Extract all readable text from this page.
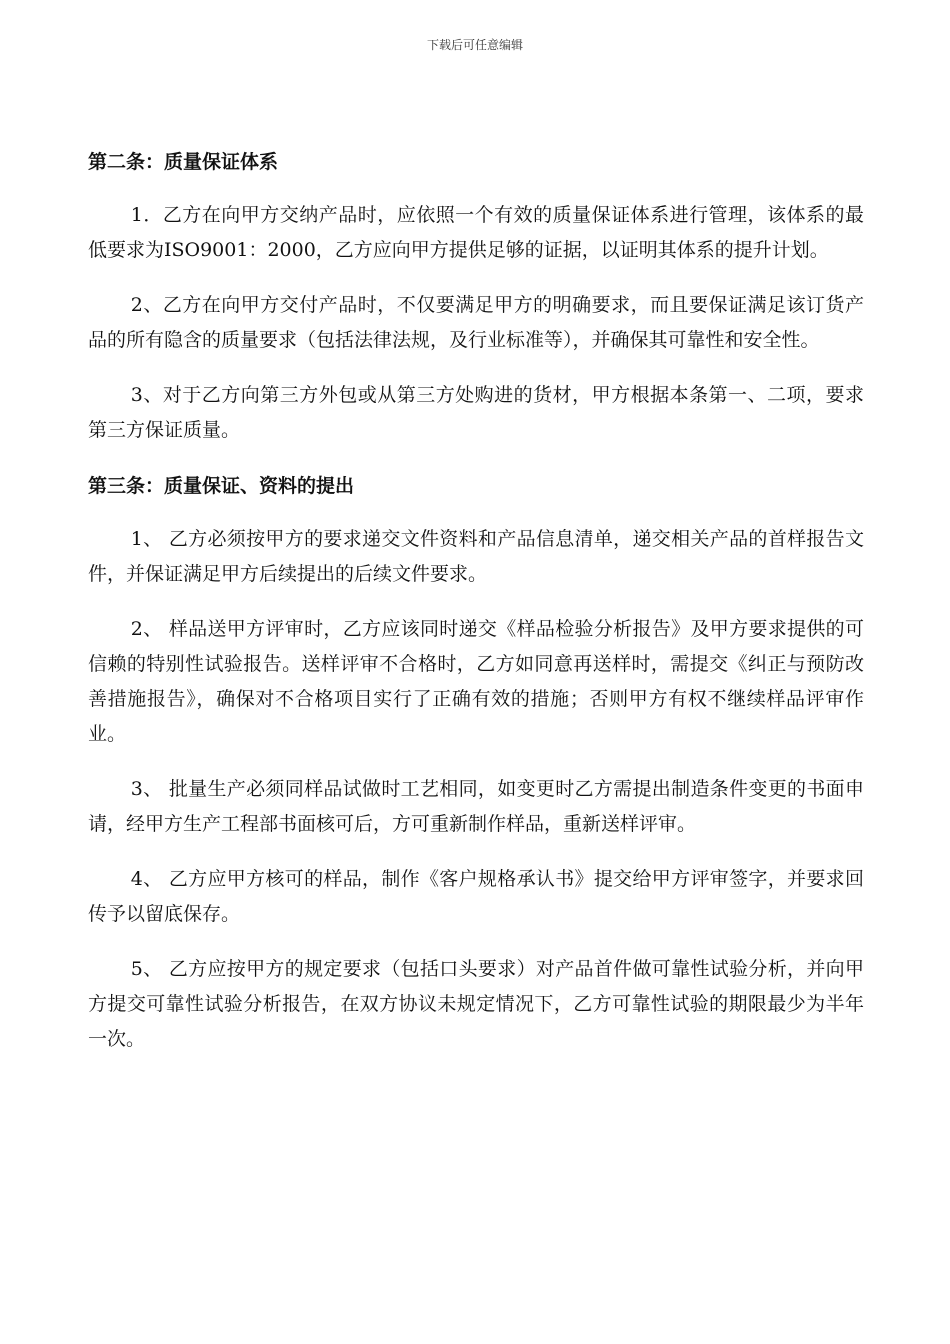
下载后可任意编辑
第二条：质量保证体系

1．乙方在向甲方交纳产品时，应依照一个有效的质量保证体系进行管理，该体系的最低要求为ISO9001：2000，乙方应向甲方提供足够的证据，以证明其体系的提升计划。

2、乙方在向甲方交付产品时，不仅要满足甲方的明确要求，而且要保证满足该订货产品的所有隐含的质量要求（包括法律法规，及行业标准等），并确保其可靠性和安全性。

3、对于乙方向第三方外包或从第三方处购进的货材，甲方根据本条第一、二项，要求第三方保证质量。

第三条：质量保证、资料的提出

1、 乙方必须按甲方的要求递交文件资料和产品信息清单，递交相关产品的首样报告文件，并保证满足甲方后续提出的后续文件要求。

2、 样品送甲方评审时，乙方应该同时递交《样品检验分析报告》及甲方要求提供的可信赖的特别性试验报告。送样评审不合格时，乙方如同意再送样时，需提交《纠正与预防改善措施报告》，确保对不合格项目实行了正确有效的措施；否则甲方有权不继续样品评审作业。

3、 批量生产必须同样品试做时工艺相同，如变更时乙方需提出制造条件变更的书面申请，经甲方生产工程部书面核可后，方可重新制作样品，重新送样评审。

4、 乙方应甲方核可的样品，制作《客户规格承认书》提交给甲方评审签字，并要求回传予以留底保存。

5、 乙方应按甲方的规定要求（包括口头要求）对产品首件做可靠性试验分析，并向甲方提交可靠性试验分析报告，在双方协议未规定情况下，乙方可靠性试验的期限最少为半年一次。
